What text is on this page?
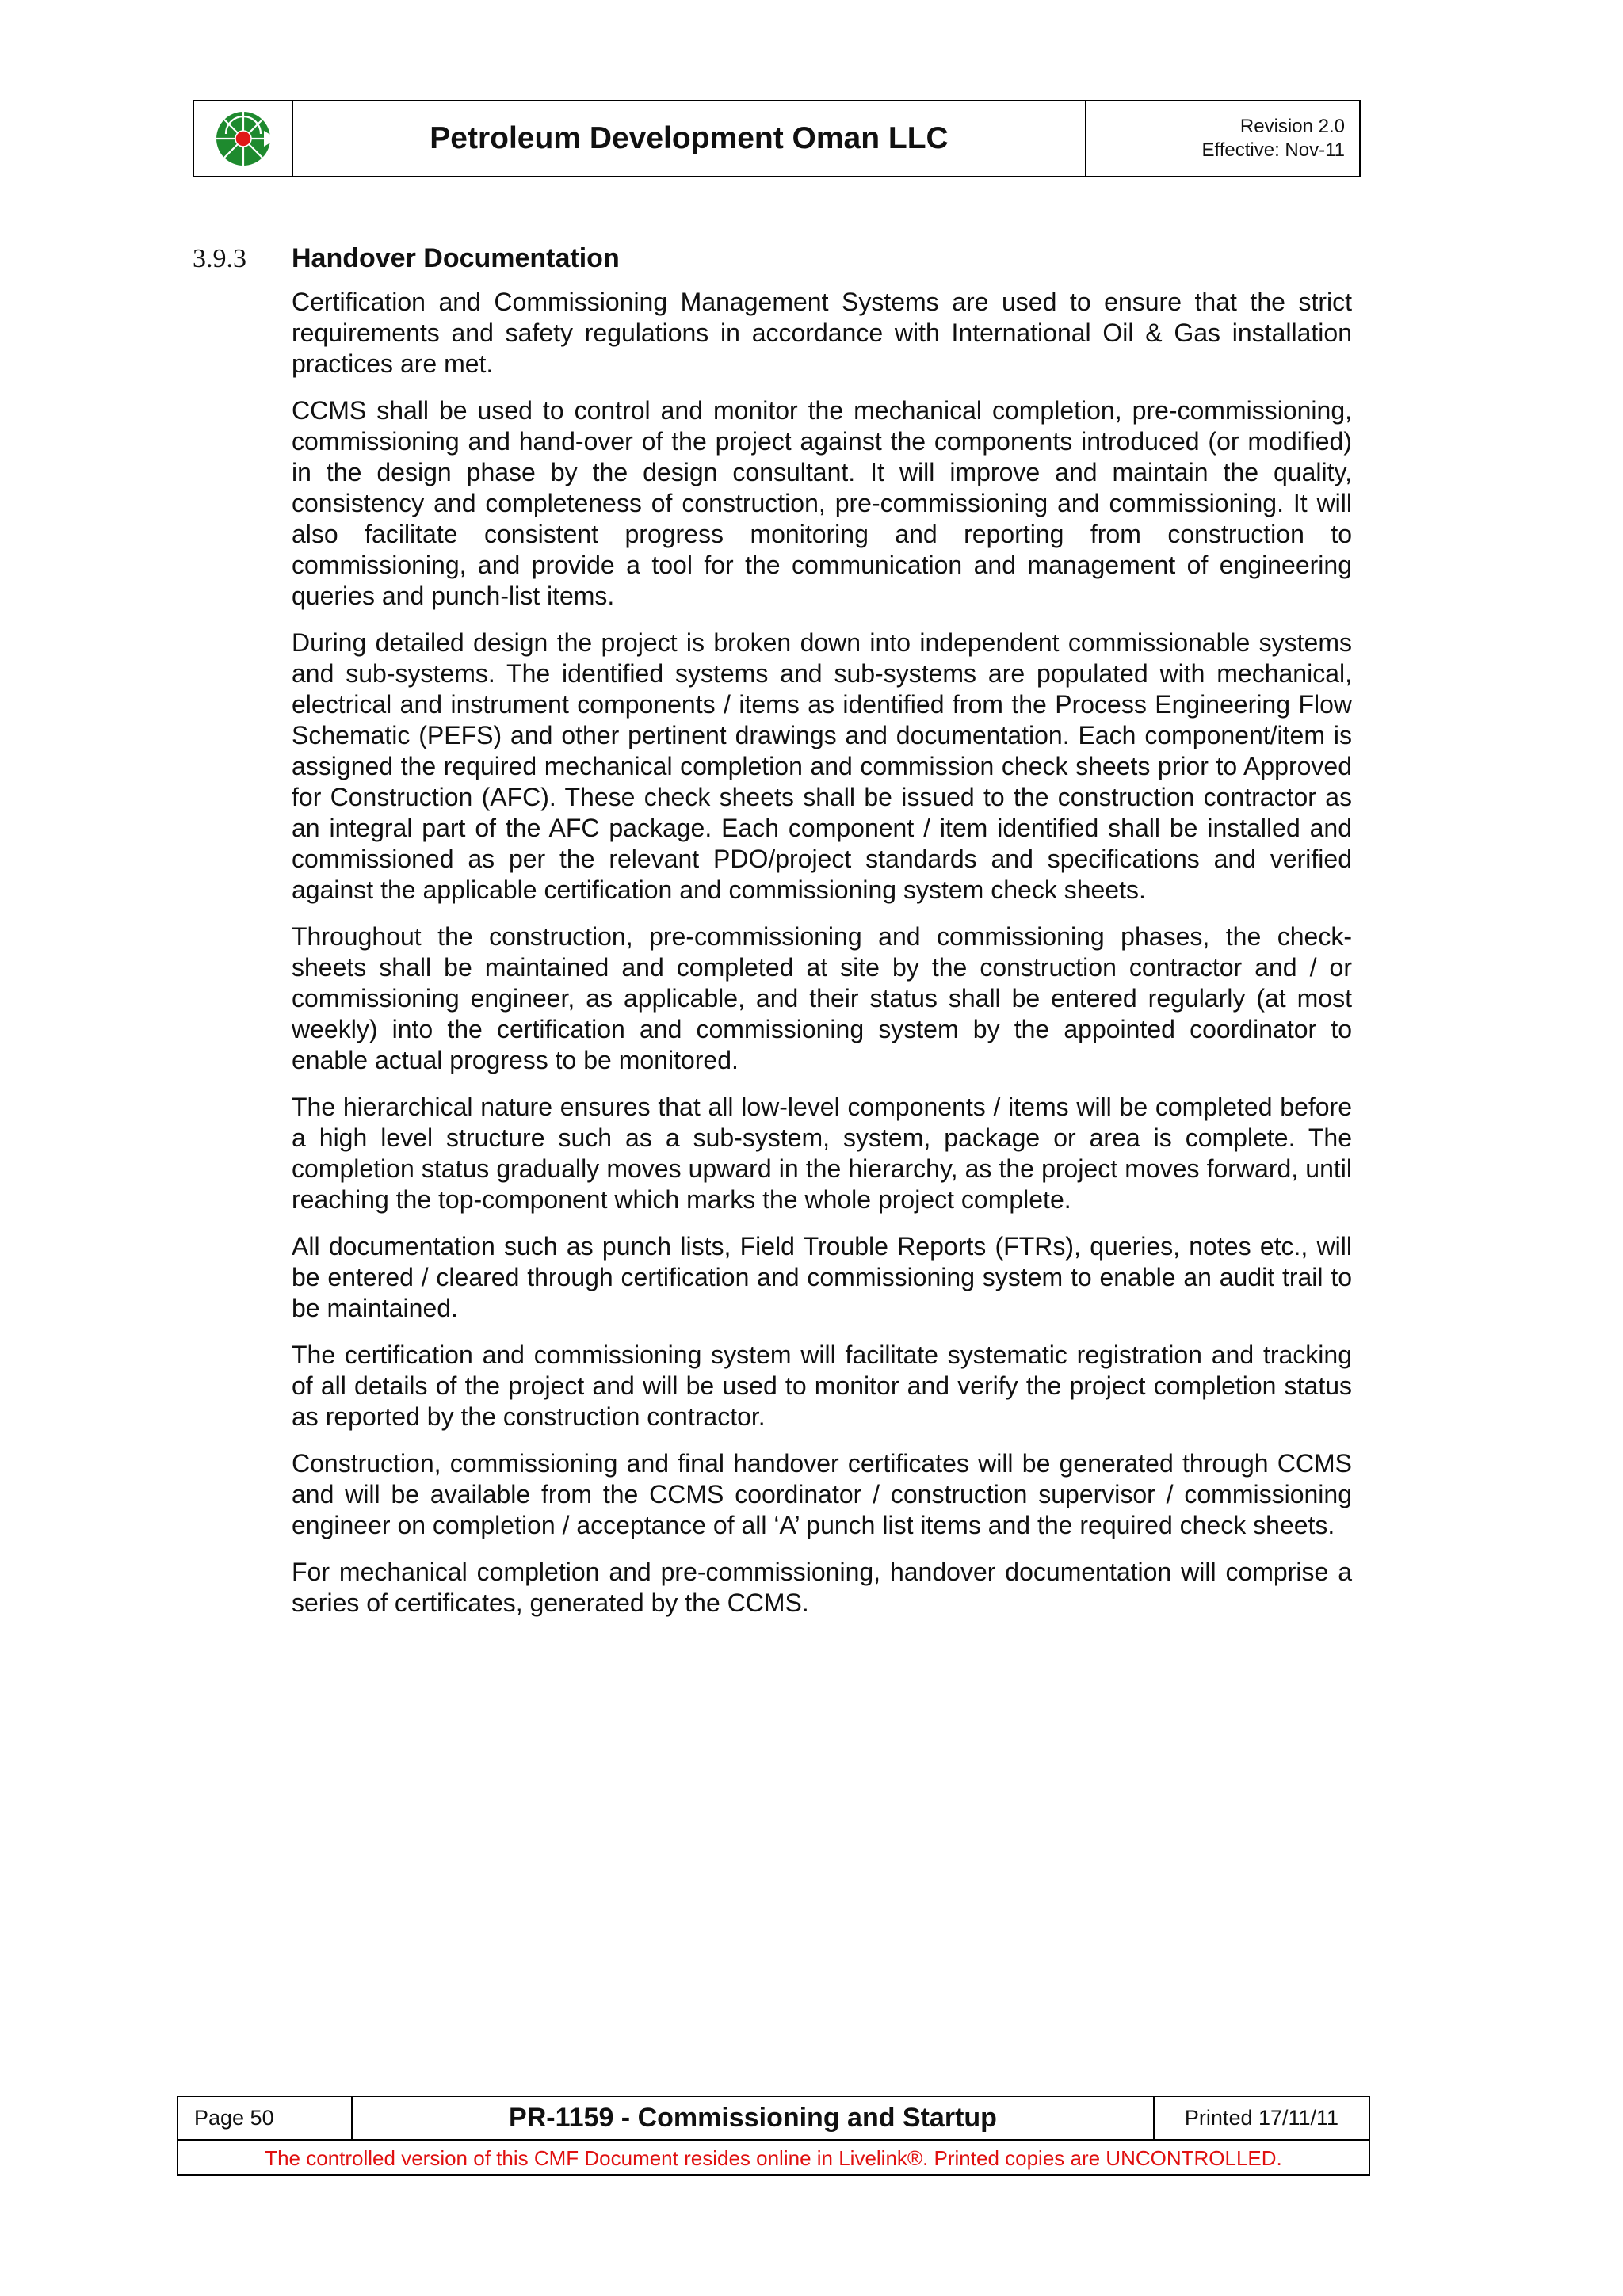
Petroleum Development Oman LLC	Revision 2.0
Effective: Nov-11
3.9.3 Handover Documentation

Certification and Commissioning Management Systems are used to ensure that the strict requirements and safety regulations in accordance with International Oil & Gas installation practices are met.

CCMS shall be used to control and monitor the mechanical completion, pre-commissioning, commissioning and hand-over of the project against the components introduced (or modified) in the design phase by the design consultant. It will improve and maintain the quality, consistency and completeness of construction, pre-commissioning and commissioning. It will also facilitate consistent progress monitoring and reporting from construction to commissioning, and provide a tool for the communication and management of engineering queries and punch-list items.

During detailed design the project is broken down into independent commissionable systems and sub-systems. The identified systems and sub-systems are populated with mechanical, electrical and instrument components / items as identified from the Process Engineering Flow Schematic (PEFS) and other pertinent drawings and documentation. Each component/item is assigned the required mechanical completion and commission check sheets prior to Approved for Construction (AFC). These check sheets shall be issued to the construction contractor as an integral part of the AFC package. Each component / item identified shall be installed and commissioned as per the relevant PDO/project standards and specifications and verified against the applicable certification and commissioning system check sheets.

Throughout the construction, pre-commissioning and commissioning phases, the check-sheets shall be maintained and completed at site by the construction contractor and / or commissioning engineer, as applicable, and their status shall be entered regularly (at most weekly) into the certification and commissioning system by the appointed coordinator to enable actual progress to be monitored.

The hierarchical nature ensures that all low-level components / items will be completed before a high level structure such as a sub-system, system, package or area is complete. The completion status gradually moves upward in the hierarchy, as the project moves forward, until reaching the top-component which marks the whole project complete.

All documentation such as punch lists, Field Trouble Reports (FTRs), queries, notes etc., will be entered / cleared through certification and commissioning system to enable an audit trail to be maintained.

The certification and commissioning system will facilitate systematic registration and tracking of all details of the project and will be used to monitor and verify the project completion status as reported by the construction contractor.

Construction, commissioning and final handover certificates will be generated through CCMS and will be available from the CCMS coordinator / construction supervisor / commissioning engineer on completion / acceptance of all ‘A’ punch list items and the required check sheets.

For mechanical completion and pre-commissioning, handover documentation will comprise a series of certificates, generated by the CCMS.

Page 50	PR-1159 - Commissioning and Startup	Printed 17/11/11
The controlled version of this CMF Document resides online in Livelink®. Printed copies are UNCONTROLLED.
